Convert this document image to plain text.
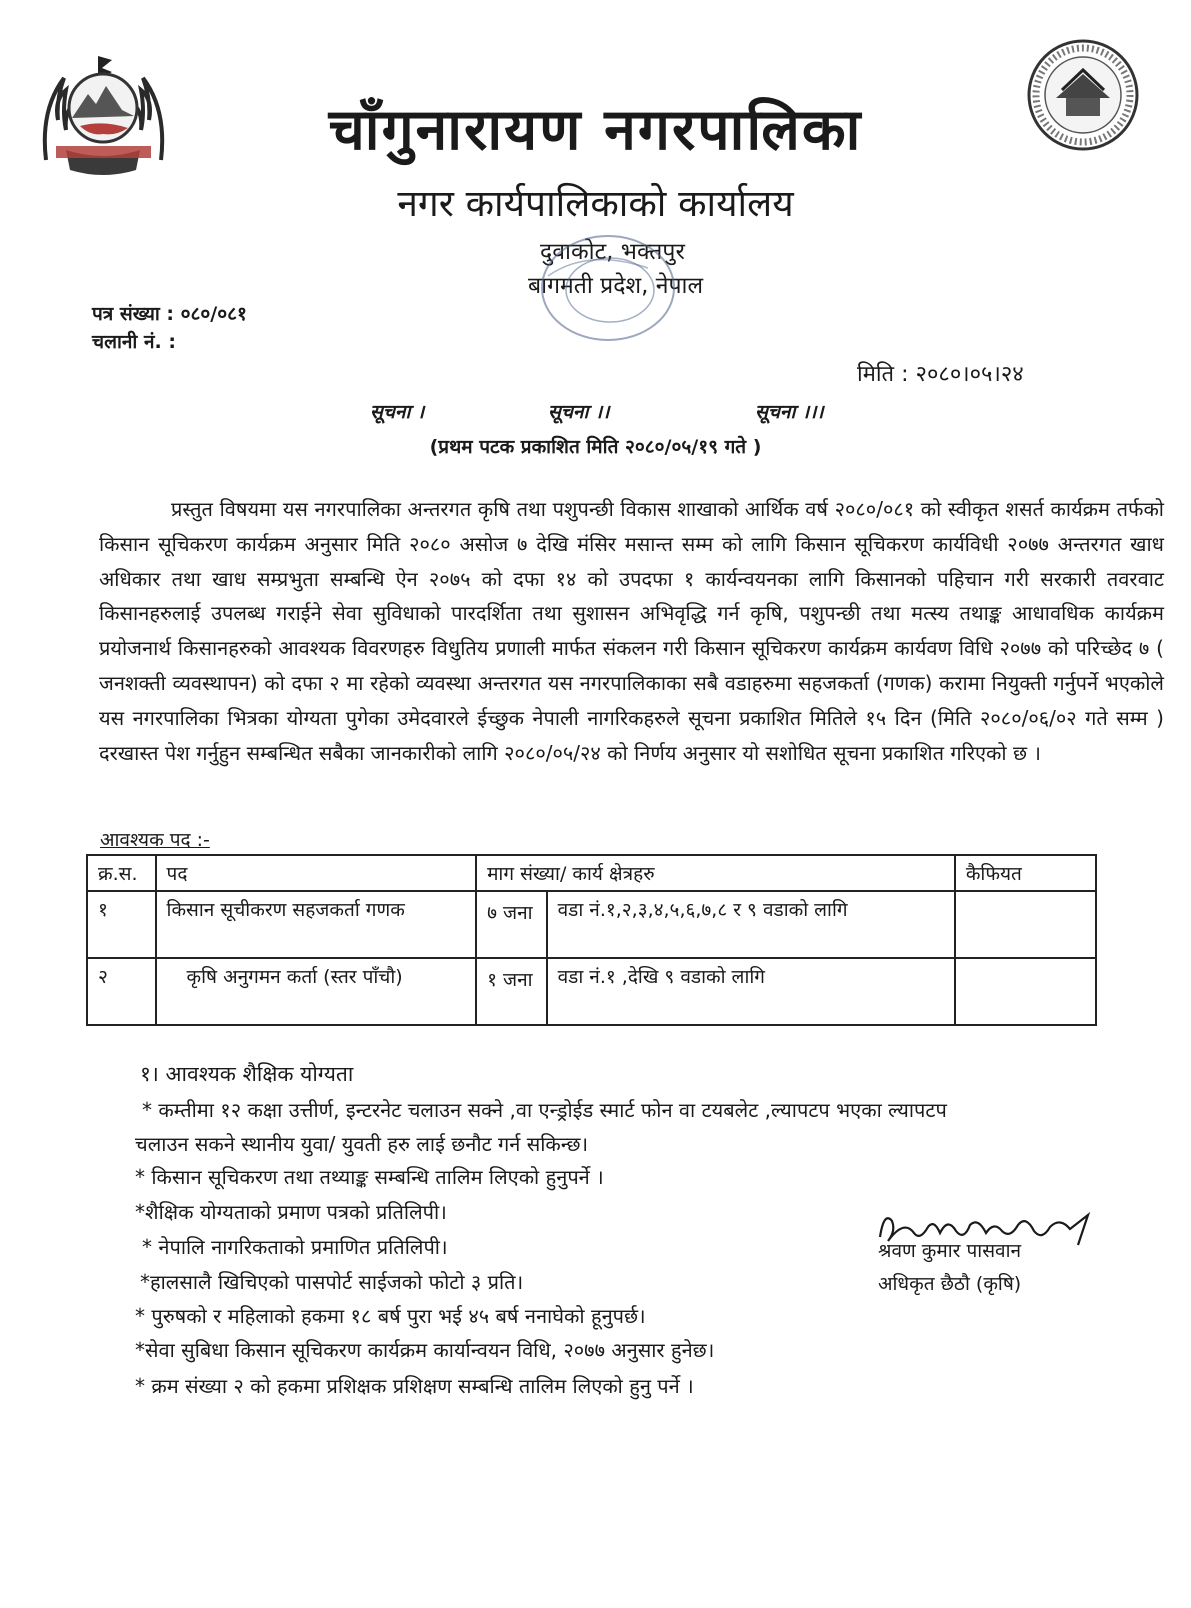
चाँगुनारायण नगरपालिका
नगर कार्यपालिकाको कार्यालय
दुवाकोट, भक्तपुर
बागमती प्रदेश, नेपाल
पत्र संख्या : ०८०/०८१
चलानी नं. :
मिति : २०८०।०५।२४
सूचना ।	सूचना ।।	सूचना ।।।
(प्रथम पटक प्रकाशित मिति २०८०/०५/१९ गते )

प्रस्तुत विषयमा यस नगरपालिका अन्तरगत कृषि तथा पशुपन्छी विकास शाखाको आर्थिक वर्ष २०८०/०८१ को स्वीकृत शसर्त कार्यक्रम तर्फको किसान सूचिकरण कार्यक्रम अनुसार मिति २०८० असोज ७ देखि मंसिर मसान्त सम्म को लागि किसान सूचिकरण कार्यविधी २०७७ अन्तरगत खाध अधिकार तथा खाध सम्प्रभुता सम्बन्धि ऐन २०७५ को दफा १४ को उपदफा १ कार्यन्वयनका लागि किसानको पहिचान गरी सरकारी तवरवाट किसानहरुलाई उपलब्ध गराईने सेवा सुविधाको पारदर्शिता तथा सुशासन अभिवृद्धि गर्न कृषि, पशुपन्छी तथा मत्स्य तथाङ्क आधावधिक कार्यक्रम प्रयोजनार्थ किसानहरुको आवश्यक विवरणहरु विधुतिय प्रणाली मार्फत संकलन गरी किसान सूचिकरण कार्यक्रम कार्यवण विधि २०७७ को परिच्छेद ७ ( जनशक्ती व्यवस्थापन) को दफा २ मा रहेको व्यवस्था अन्तरगत यस नगरपालिकाका सबै वडाहरुमा सहजकर्ता (गणक) करामा नियुक्ती गर्नुपर्ने भएकोले यस नगरपालिका भित्रका योग्यता पुगेका उमेदवारले ईच्छुक नेपाली नागरिकहरुले सूचना प्रकाशित मितिले १५ दिन (मिति २०८०/०६/०२ गते सम्म ) दरखास्त पेश गर्नुहुन सम्बन्धित सबैका जानकारीको लागि २०८०/०५/२४ को निर्णय अनुसार यो सशोधित सूचना प्रकाशित गरिएको छ ।

आवश्यक पद :-
क्र.स.	पद	माग संख्या/ कार्य क्षेत्रहरु		कैफियत
१	किसान सूचीकरण सहजकर्ता गणक	७ जना	वडा नं.१,२,३,४,५,६,७,८ र ९ वडाको लागि	
२	कृषि अनुगमन कर्ता (स्तर पाँचौ)	१ जना	वडा नं.१ ,देखि ९ वडाको लागि	
१। आवश्यक शैक्षिक योग्यता
* कम्तीमा १२ कक्षा उत्तीर्ण, इन्टरनेट चलाउन सक्ने ,वा एन्ड्रोईड स्मार्ट फोन वा टयबलेट ,ल्यापटप भएका ल्यापटप
चलाउन सकने स्थानीय युवा/ युवती हरु लाई छनौट गर्न सकिन्छ।
* किसान सूचिकरण तथा तथ्याङ्क सम्बन्धि तालिम लिएको हुनुपर्ने ।
*शैक्षिक योग्यताको प्रमाण पत्रको प्रतिलिपी।
* नेपालि नागरिकताको प्रमाणित प्रतिलिपी।
*हालसालै खिचिएको पासपोर्ट साईजको फोटो ३ प्रति।
* पुरुषको र महिलाको हकमा १८ बर्ष पुरा भई ४५ बर्ष ननाघेको हूनुपर्छ।
*सेवा सुबिधा किसान सूचिकरण कार्यक्रम कार्यान्वयन विधि, २०७७ अनुसार हुनेछ।
* क्रम संख्या २ को हकमा प्रशिक्षक प्रशिक्षण सम्बन्धि तालिम लिएको हुनु पर्ने ।
श्रवण कुमार पासवान
अधिकृत छैठौ (कृषि)
